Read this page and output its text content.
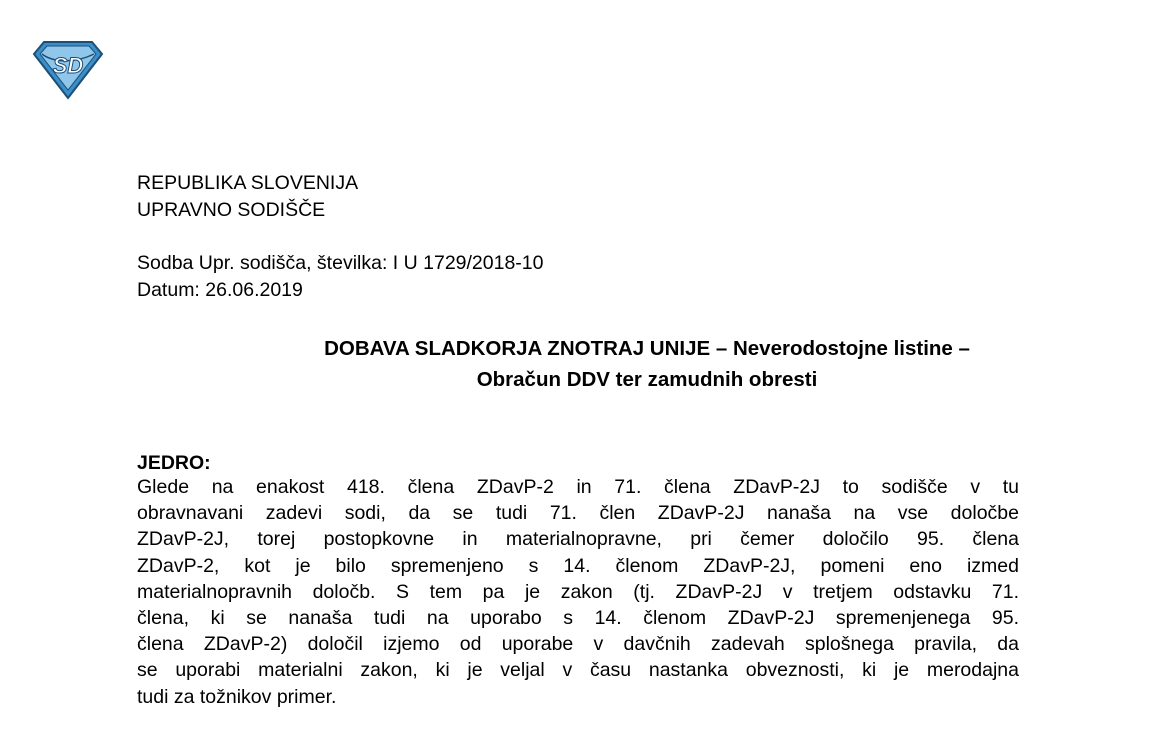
SD
REPUBLIKA SLOVENIJA
UPRAVNO SODIŠČE
Sodba Upr. sodišča, številka: I U 1729/2018-10
Datum: 26.06.2019
DOBAVA SLADKORJA ZNOTRAJ UNIJE – Neverodostojne listine –
Obračun DDV ter zamudnih obresti
JEDRO:
Glede na enakost 418. člena ZDavP-2 in 71. člena ZDavP-2J to sodišče v tu
obravnavani zadevi sodi, da se tudi 71. člen ZDavP-2J nanaša na vse določbe
ZDavP-2J, torej postopkovne in materialnopravne, pri čemer določilo 95. člena
ZDavP-2, kot je bilo spremenjeno s 14. členom ZDavP-2J, pomeni eno izmed
materialnopravnih določb. S tem pa je zakon (tj. ZDavP-2J v tretjem odstavku 71.
člena, ki se nanaša tudi na uporabo s 14. členom ZDavP-2J spremenjenega 95.
člena ZDavP-2) določil izjemo od uporabe v davčnih zadevah splošnega pravila, da
se uporabi materialni zakon, ki je veljal v času nastanka obveznosti, ki je merodajna
tudi za tožnikov primer.
